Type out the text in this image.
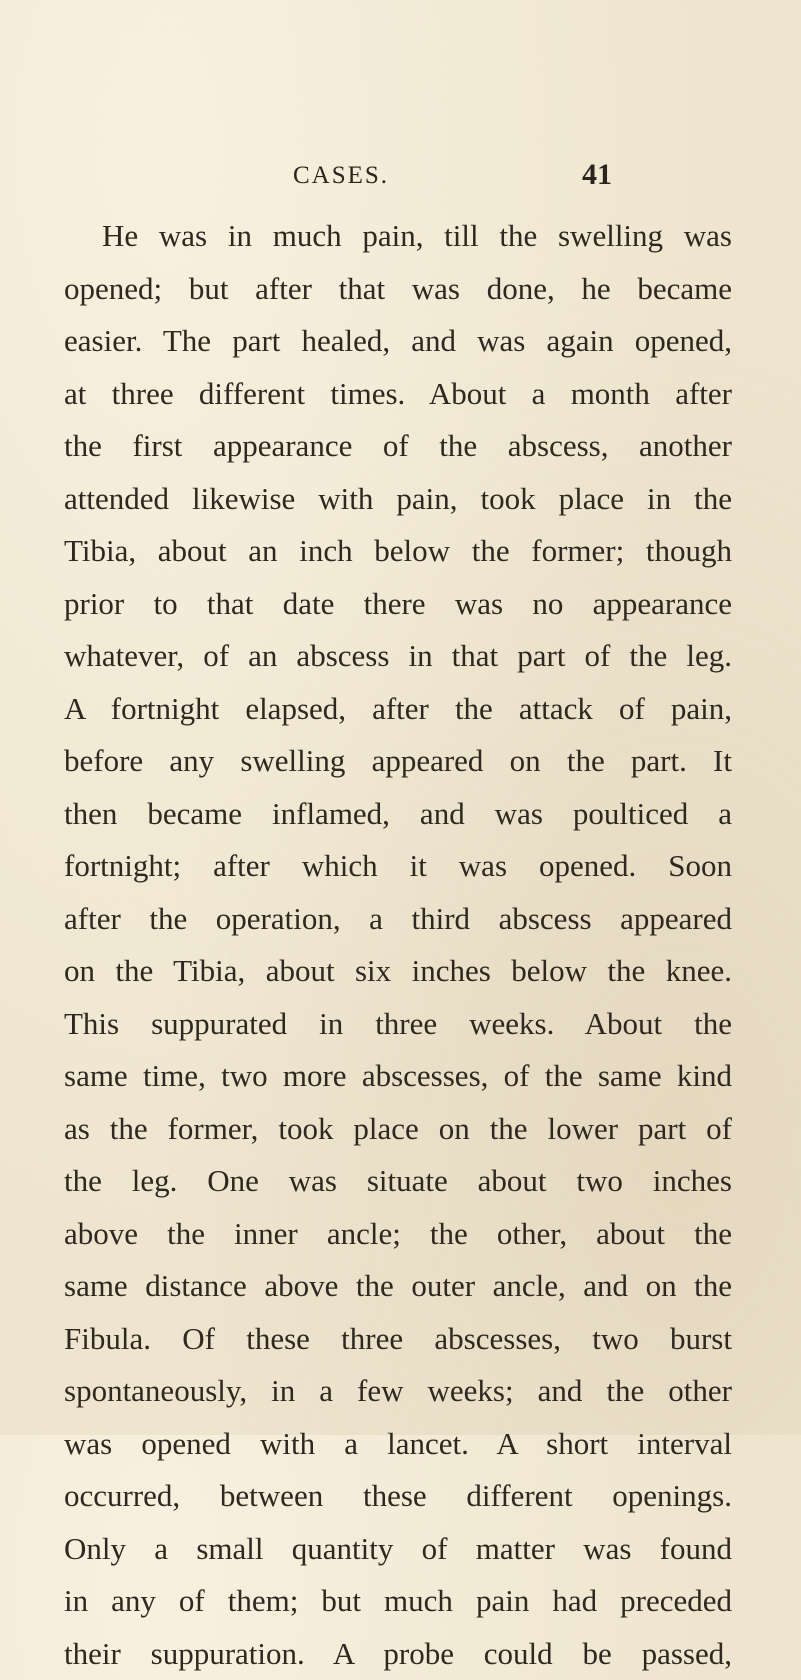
CASES.	41
He was in much pain, till the swelling was
opened; but after that was done, he became
easier. The part healed, and was again opened,
at three different times. About a month after
the first appearance of the abscess, another
attended likewise with pain, took place in the
Tibia, about an inch below the former; though
prior to that date there was no appearance
whatever, of an abscess in that part of the leg.
A fortnight elapsed, after the attack of pain,
before any swelling appeared on the part. It
then became inflamed, and was poulticed a
fortnight; after which it was opened. Soon
after the operation, a third abscess appeared
on the Tibia, about six inches below the knee.
This suppurated in three weeks. About the
same time, two more abscesses, of the same kind
as the former, took place on the lower part of
the leg. One was situate about two inches
above the inner ancle; the other, about the
same distance above the outer ancle, and on the
Fibula. Of these three abscesses, two burst
spontaneously, in a few weeks; and the other
was opened with a lancet. A short interval
occurred, between these different openings.
Only a small quantity of matter was found
in any of them; but much pain had preceded
their suppuration. A probe could be passed,
